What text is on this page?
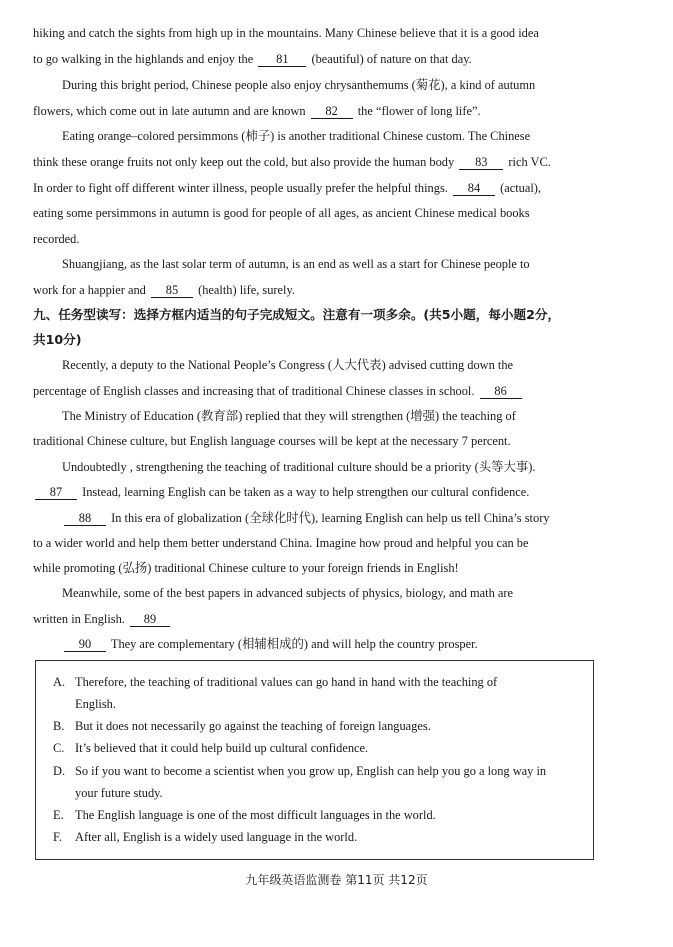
hiking and catch the sights from high up in the mountains. Many Chinese believe that it is a good idea
to go walking in the highlands and enjoy the 81 (beautiful) of nature on that day.
During this bright period, Chinese people also enjoy chrysanthemums (菊花), a kind of autumn
flowers, which come out in late autumn and are known 82 the “flower of long life”.
Eating orange–colored persimmons (柿子) is another traditional Chinese custom. The Chinese
think these orange fruits not only keep out the cold, but also provide the human body 83 rich VC.
In order to fight off different winter illness, people usually prefer the helpful things. 84 (actual),
eating some persimmons in autumn is good for people of all ages, as ancient Chinese medical books
recorded.
Shuangjiang, as the last solar term of autumn, is an end as well as a start for Chinese people to
work for a happier and 85 (health) life, surely.
九、任务型读写：选择方框内适当的句子完成短文。注意有一项多余。(共5小题，每小题2分，
共10分)
Recently, a deputy to the National People’s Congress (人大代表) advised cutting down the
percentage of English classes and increasing that of traditional Chinese classes in school. 86
The Ministry of Education (教育部) replied that they will strengthen (增强) the teaching of
traditional Chinese culture, but English language courses will be kept at the necessary 7 percent.
Undoubtedly , strengthening the teaching of traditional culture should be a priority (头等大事).
87 Instead, learning English can be taken as a way to help strengthen our cultural confidence.
88 In this era of globalization (全球化时代), learning English can help us tell China’s story
to a wider world and help them better understand China. Imagine how proud and helpful you can be
while promoting (弘扬) traditional Chinese culture to your foreign friends in English!
Meanwhile, some of the best papers in advanced subjects of physics, biology, and math are
written in English. 89
90 They are complementary (相辅相成的) and will help the country prosper.
A. Therefore, the teaching of traditional values can go hand in hand with the teaching of
English.
B. But it does not necessarily go against the teaching of foreign languages.
C. It’s believed that it could help build up cultural confidence.
D. So if you want to become a scientist when you grow up, English can help you go a long way in
your future study.
E. The English language is one of the most difficult languages in the world.
F. After all, English is a widely used language in the world.
九年级英语监测卷 第11页 共12页
